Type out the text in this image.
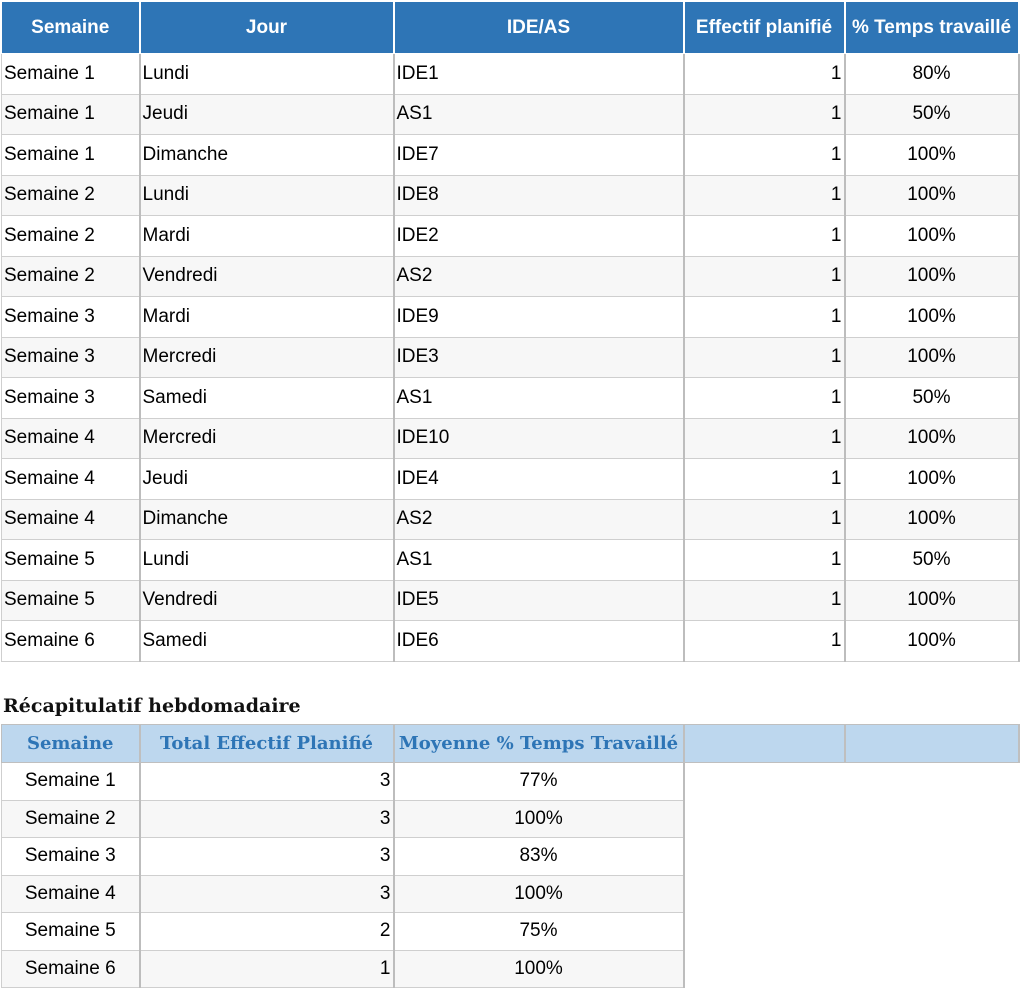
Semaine	Jour	IDE/AS	Effectif planifié	% Temps travaillé
Semaine 1	Lundi	IDE1	1	80%
Semaine 1	Jeudi	AS1	1	50%
Semaine 1	Dimanche	IDE7	1	100%
Semaine 2	Lundi	IDE8	1	100%
Semaine 2	Mardi	IDE2	1	100%
Semaine 2	Vendredi	AS2	1	100%
Semaine 3	Mardi	IDE9	1	100%
Semaine 3	Mercredi	IDE3	1	100%
Semaine 3	Samedi	AS1	1	50%
Semaine 4	Mercredi	IDE10	1	100%
Semaine 4	Jeudi	IDE4	1	100%
Semaine 4	Dimanche	AS2	1	100%
Semaine 5	Lundi	AS1	1	50%
Semaine 5	Vendredi	IDE5	1	100%
Semaine 6	Samedi	IDE6	1	100%
Récapitulatif hebdomadaire
Semaine	Total Effectif Planifié	Moyenne % Temps Travaillé		
Semaine 1	3	77%		
Semaine 2	3	100%		
Semaine 3	3	83%		
Semaine 4	3	100%		
Semaine 5	2	75%		
Semaine 6	1	100%		
